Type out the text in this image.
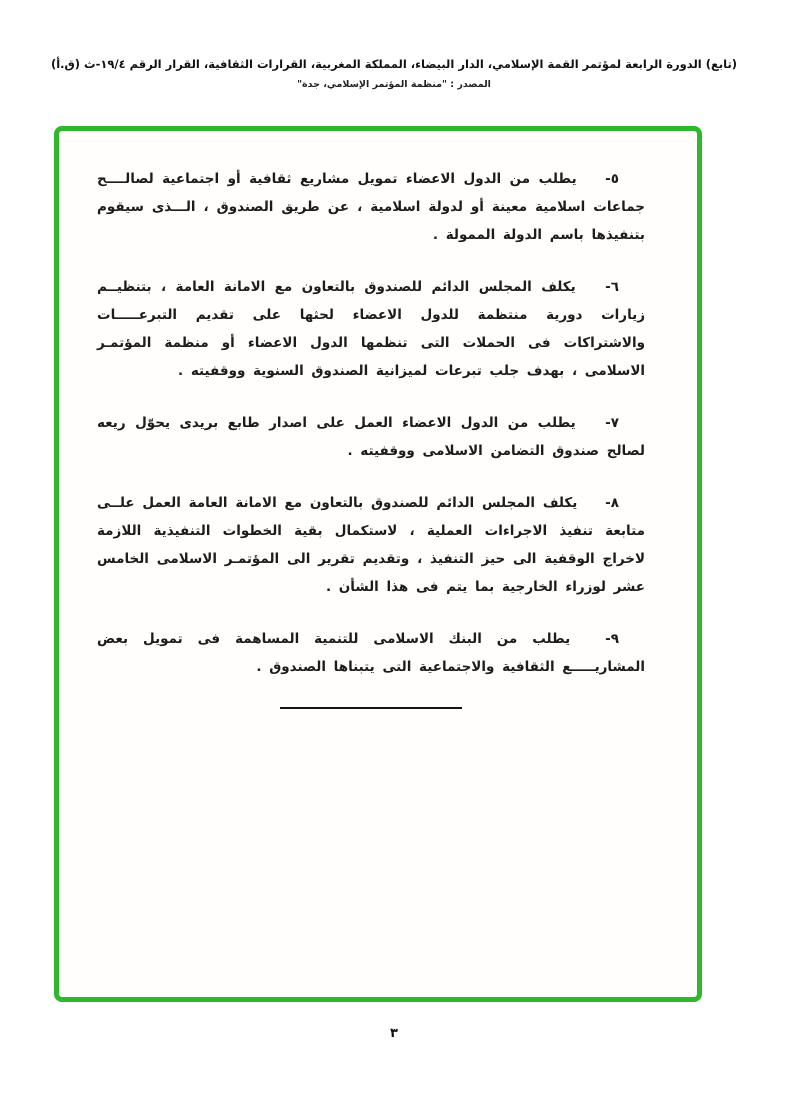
(تابع) الدورة الرابعة لمؤتمر القمة الإسلامي، الدار البيضاء، المملكة المغربية، القرارات الثقافية، القرار الرقم ١٩/٤-ث (ق.أ)
المصدر : "منظمة المؤتمر الإسلامي، جدة"

٥- يطلب من الدول الاعضاء تمويل مشاريع ثقافية أو اجتماعية لصالــــح جماعات اسلامية معينة أو لدولة اسلامية ، عن طريق الصندوق ، الـــذى سيقوم بتنفيذها باسم الدولة الممولة .

٦- يكلف المجلس الدائم للصندوق بالتعاون مع الامانة العامة ، بتنظيــم زيارات دورية منتظمة للدول الاعضاء لحثها على تقديم التبرعـــــات والاشتراكات فى الحملات التى تنظمها الدول الاعضاء أو منظمة المؤتمـر الاسلامى ، بهدف جلب تبرعات لميزانية الصندوق السنوية ووقفيته .

٧- يطلب من الدول الاعضاء العمل على اصدار طابع بريدى يحوّل ريعه لصالح صندوق التضامن الاسلامى ووقفيته .

٨- يكلف المجلس الدائم للصندوق بالتعاون مع الامانة العامة العمل علــى متابعة تنفيذ الاجراءات العملية ، لاستكمال بقية الخطوات التنفيذية اللازمة لاخراج الوقفية الى حيز التنفيذ ، وتقديم تقرير الى المؤتمـر الاسلامى الخامس عشر لوزراء الخارجية بما يتم فى هذا الشأن .

٩- يطلب من البنك الاسلامى للتنمية المساهمة فى تمويل بعض المشاريـــــع الثقافية والاجتماعية التى يتبناها الصندوق .

٣
